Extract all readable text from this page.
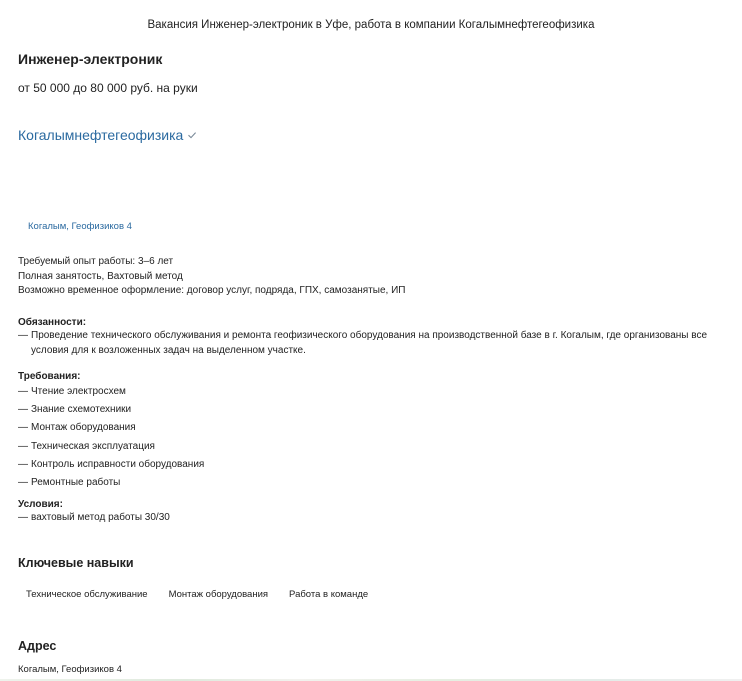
Вакансия Инженер-электроник в Уфе, работа в компании Когалымнефтегеофизика
Инженер-электроник
от 50 000 до 80 000 руб. на руки
Когалымнефтегеофизика
Когалым, Геофизиков 4
Требуемый опыт работы: 3–6 лет
Полная занятость, Вахтовый метод
Возможно временное оформление: договор услуг, подряда, ГПХ, самозанятые, ИП
Обязанности:
— Проведение технического обслуживания и ремонта геофизического оборудования на производственной базе в г. Когалым, где организованы все условия для к возложенных задач на выделенном участке.
Требования:
— Чтение электросхем
— Знание схемотехники
— Монтаж оборудования
— Техническая эксплуатация
— Контроль исправности оборудования
— Ремонтные работы
Условия:
— вахтовый метод работы 30/30
Ключевые навыки
Техническое обслуживание	Монтаж оборудования	Работа в команде
Адрес
Когалым, Геофизиков 4
